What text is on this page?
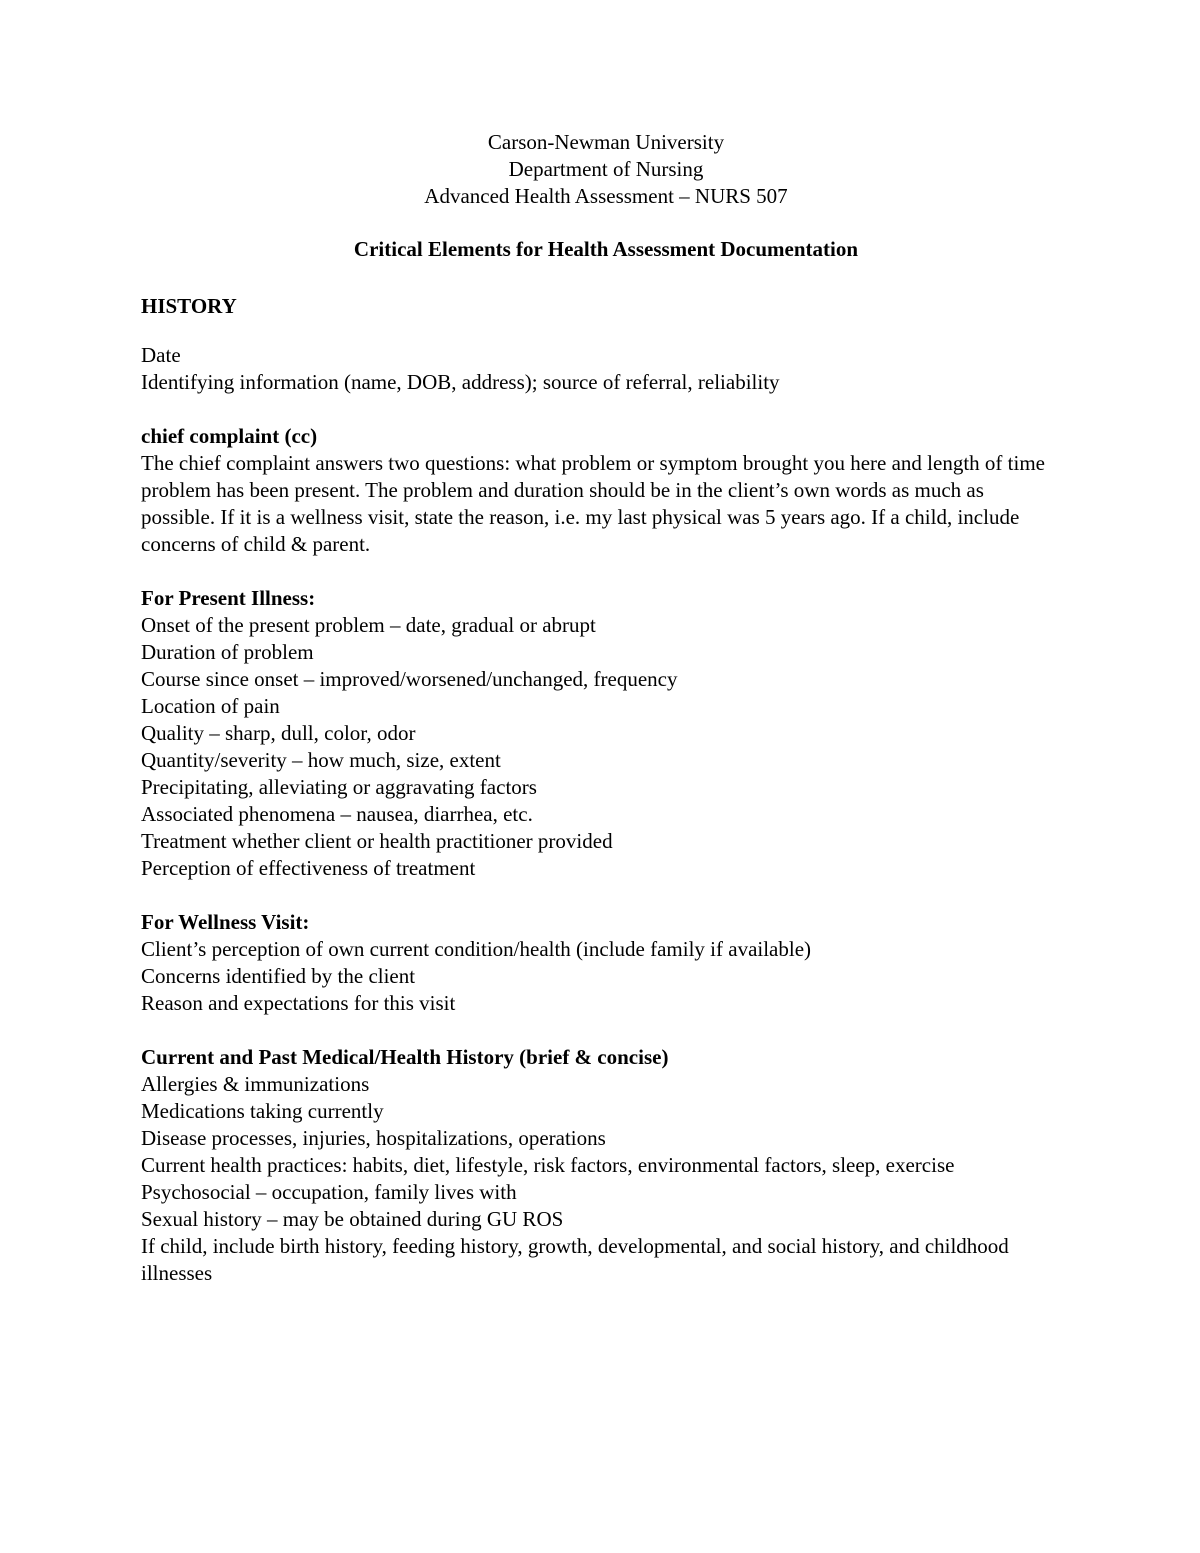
Carson-Newman University
Department of Nursing
Advanced Health Assessment – NURS 507
Critical Elements for Health Assessment Documentation
HISTORY
Date
Identifying information (name, DOB, address); source of referral, reliability
chief complaint (cc)

The chief complaint answers two questions: what problem or symptom brought you here and length of time problem has been present. The problem and duration should be in the client’s own words as much as possible. If it is a wellness visit, state the reason, i.e. my last physical was 5 years ago. If a child, include concerns of child & parent.

For Present Illness:
Onset of the present problem – date, gradual or abrupt
Duration of problem
Course since onset – improved/worsened/unchanged, frequency
Location of pain
Quality – sharp, dull, color, odor
Quantity/severity – how much, size, extent
Precipitating, alleviating or aggravating factors
Associated phenomena – nausea, diarrhea, etc.
Treatment whether client or health practitioner provided
Perception of effectiveness of treatment
For Wellness Visit:
Client’s perception of own current condition/health (include family if available)
Concerns identified by the client
Reason and expectations for this visit
Current and Past Medical/Health History (brief & concise)
Allergies & immunizations
Medications taking currently
Disease processes, injuries, hospitalizations, operations
Current health practices: habits, diet, lifestyle, risk factors, environmental factors, sleep, exercise
Psychosocial – occupation, family lives with
Sexual history – may be obtained during GU ROS

If child, include birth history, feeding history, growth, developmental, and social history, and childhood illnesses
